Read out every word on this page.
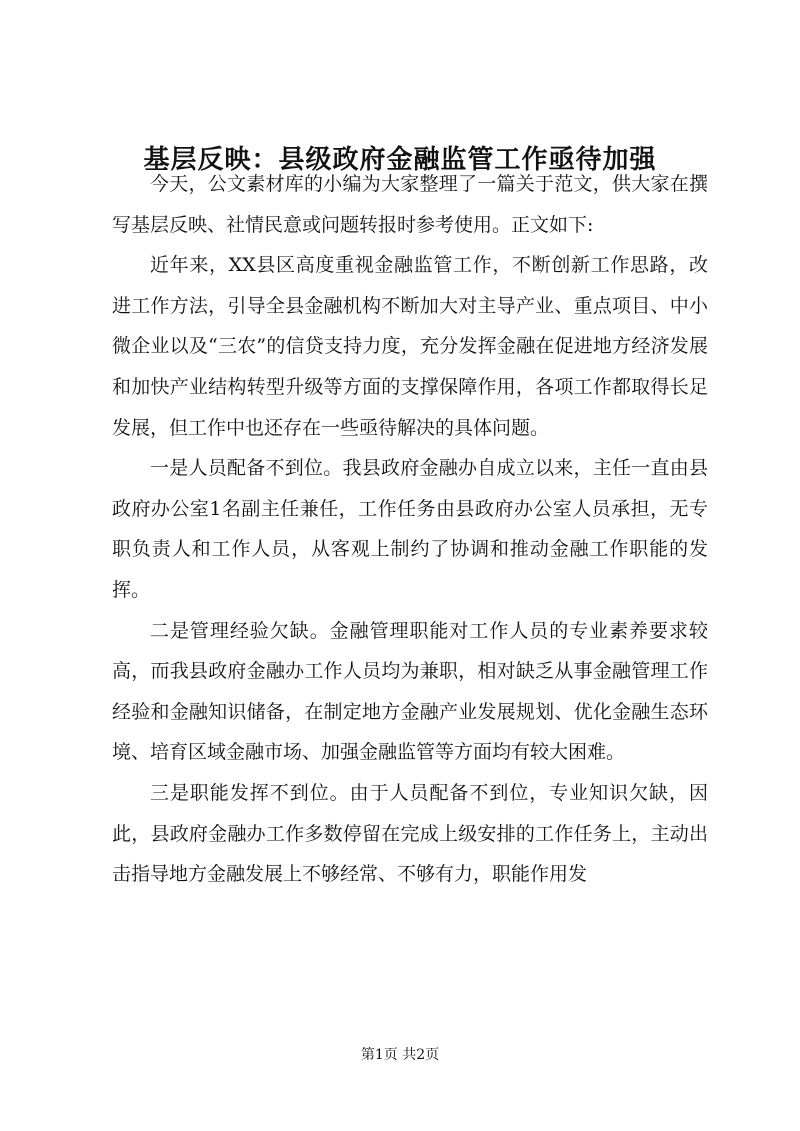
基层反映：县级政府金融监管工作亟待加强

今天，公文素材库的小编为大家整理了一篇关于范文，供大家在撰写基层反映、社情民意或问题转报时参考使用。正文如下:

近年来，XX县区高度重视金融监管工作，不断创新工作思路，改进工作方法，引导全县金融机构不断加大对主导产业、重点项目、中小微企业以及“三农”的信贷支持力度，充分发挥金融在促进地方经济发展和加快产业结构转型升级等方面的支撑保障作用，各项工作都取得长足发展，但工作中也还存在一些亟待解决的具体问题。

一是人员配备不到位。我县政府金融办自成立以来，主任一直由县政府办公室1名副主任兼任，工作任务由县政府办公室人员承担，无专职负责人和工作人员，从客观上制约了协调和推动金融工作职能的发挥。

二是管理经验欠缺。金融管理职能对工作人员的专业素养要求较高，而我县政府金融办工作人员均为兼职，相对缺乏从事金融管理工作经验和金融知识储备，在制定地方金融产业发展规划、优化金融生态环境、培育区域金融市场、加强金融监管等方面均有较大困难。

三是职能发挥不到位。由于人员配备不到位，专业知识欠缺，因此，县政府金融办工作多数停留在完成上级安排的工作任务上，主动出击指导地方金融发展上不够经常、不够有力，职能作用发

第1页 共2页
